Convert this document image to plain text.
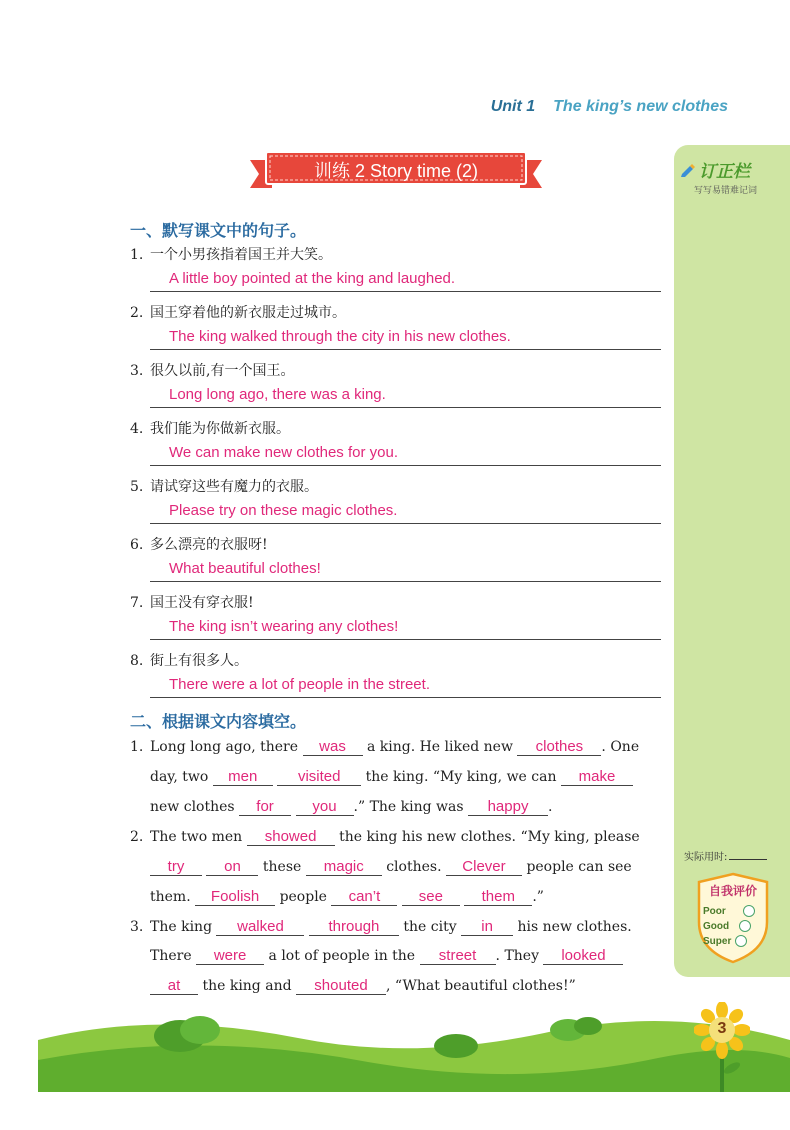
Unit 1 The king’s new clothes
训练 2 Story time (2)	订正栏
写写易错难记词
实际用时:
自我评价
Poor
Good
Super
一、默写课文中的句子。
1. 一个小男孩指着国王并大笑。
A little boy pointed at the king and laughed.
2. 国王穿着他的新衣服走过城市。
The king walked through the city in his new clothes.
3. 很久以前,有一个国王。
Long long ago, there was a king.
4. 我们能为你做新衣服。
We can make new clothes for you.
5. 请试穿这些有魔力的衣服。
Please try on these magic clothes.
6. 多么漂亮的衣服呀!
What beautiful clothes!
7. 国王没有穿衣服!
The king isn’t wearing any clothes!
8. 街上有很多人。
There were a lot of people in the street.
二、根据课文内容填空。
1. Long long ago, there was a king. He liked new clothes . One
day, two men	visited the king. “My king, we can make
new clothes for	you .” The king was happy .
2. The two men showed the king his new clothes. “My king, please
try	on these magic clothes. Clever people can see
them. Foolish people can’t	see	them .”
3. The king walked	through the city in his new clothes.
There were a lot of people in the street . They looked
at the king and shouted , “What beautiful clothes!”
3
